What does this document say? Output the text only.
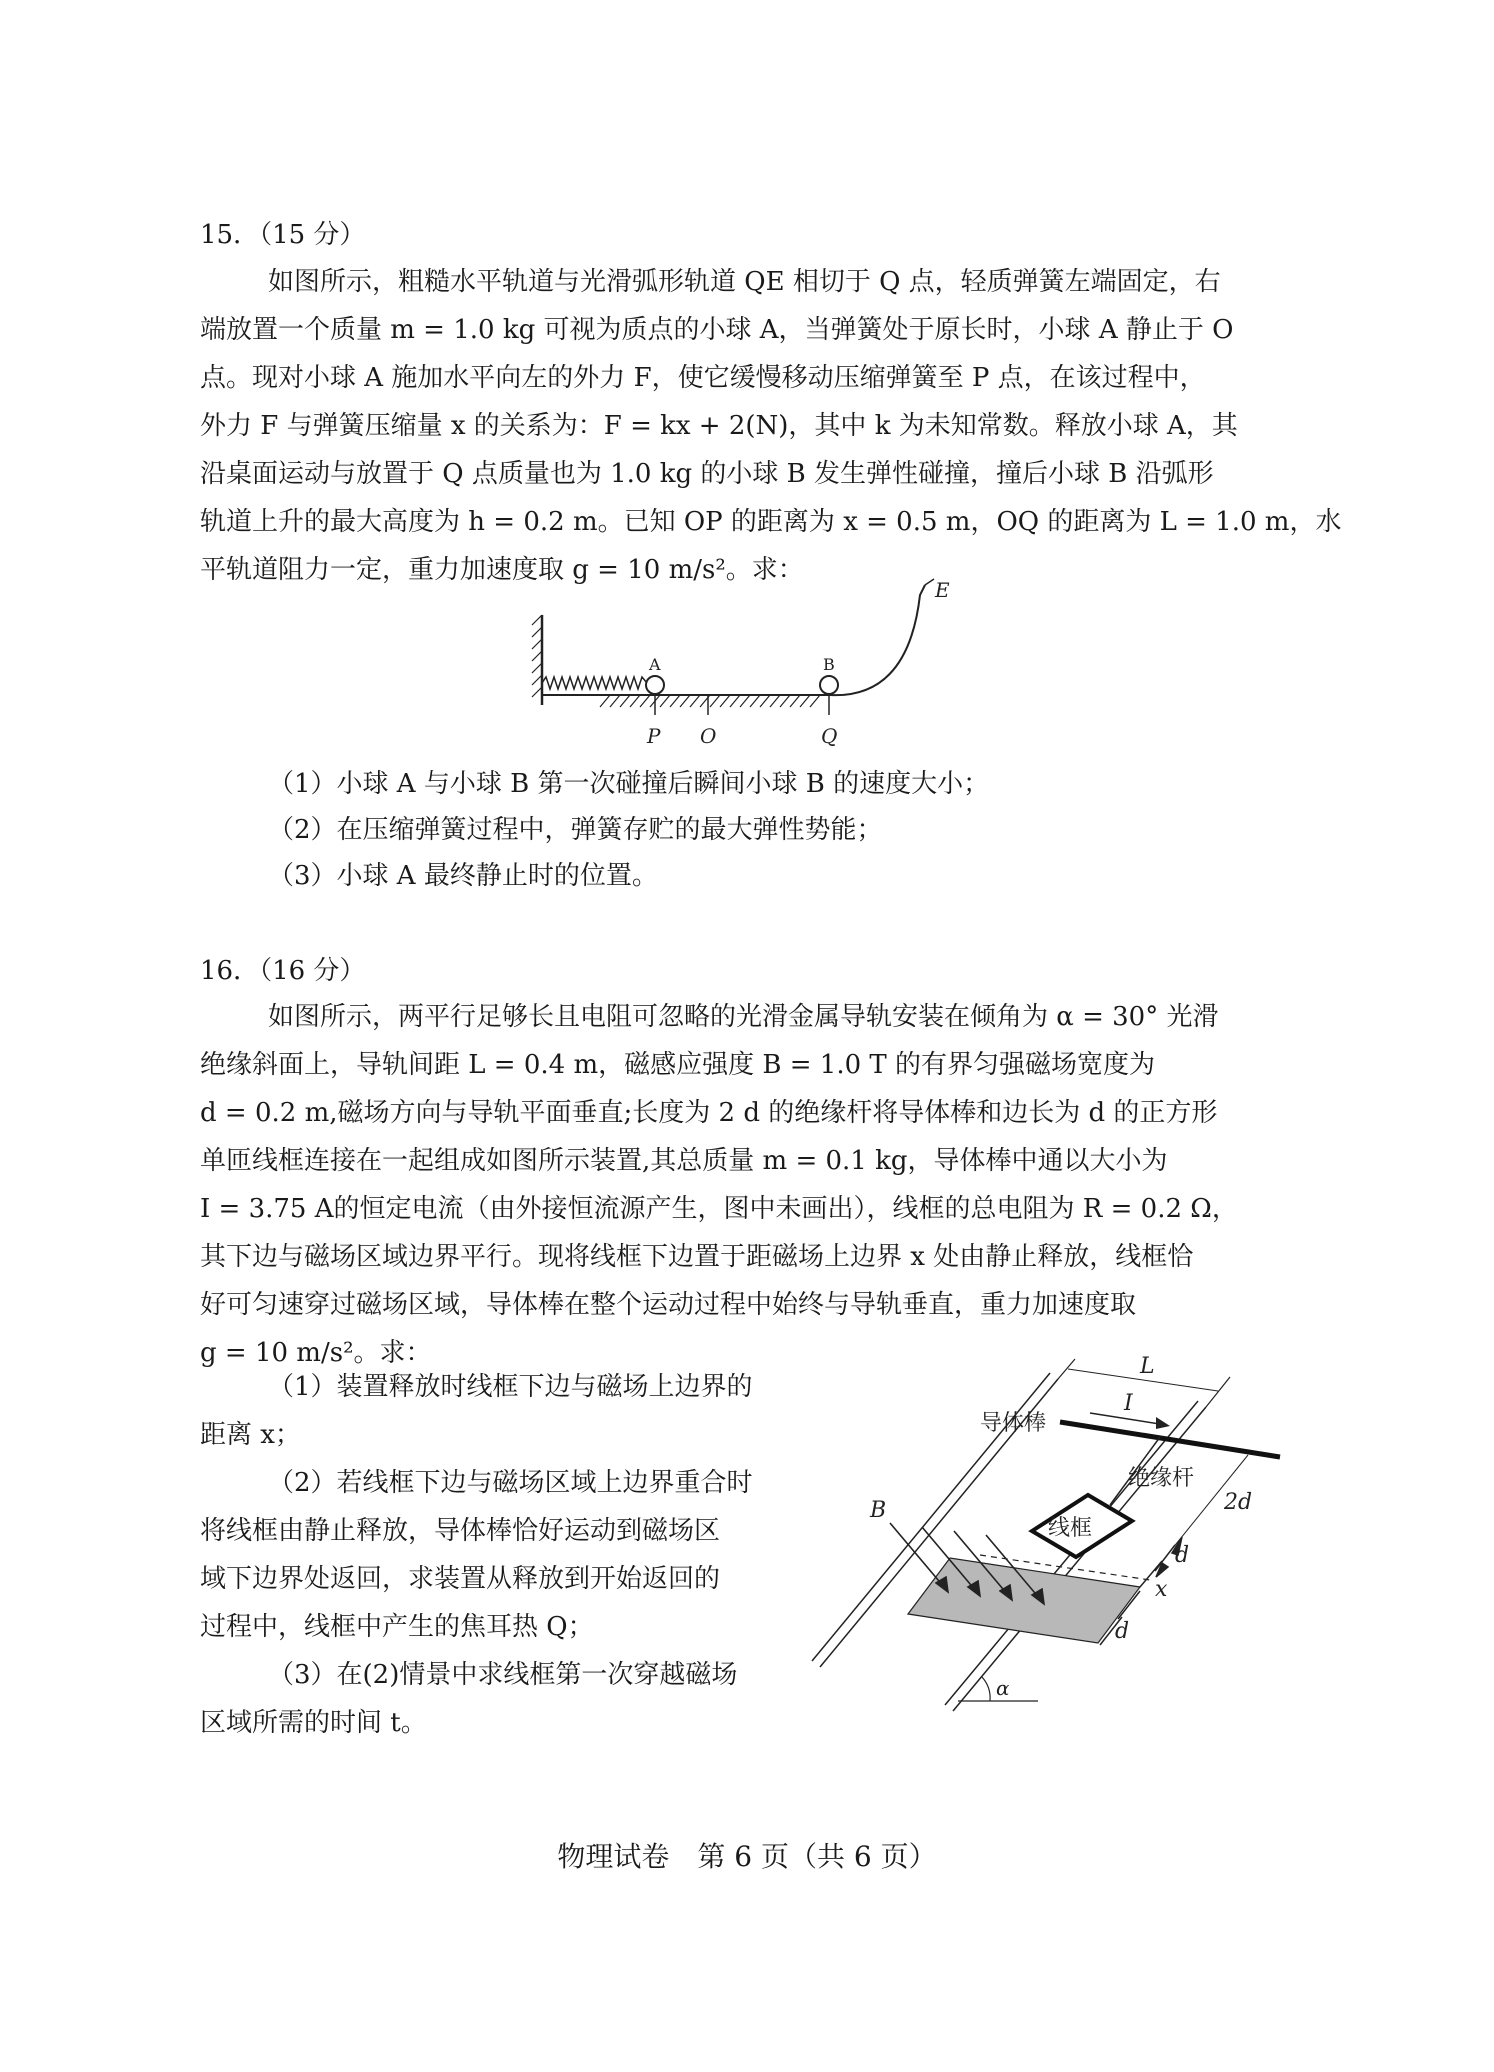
15．（15 分）
如图所示，粗糙水平轨道与光滑弧形轨道 QE 相切于 Q 点，轻质弹簧左端固定，右
端放置一个质量 m = 1.0 kg 可视为质点的小球 A，当弹簧处于原长时，小球 A 静止于 O
点。现对小球 A 施加水平向左的外力 F，使它缓慢移动压缩弹簧至 P 点，在该过程中，
外力 F 与弹簧压缩量 x 的关系为：F = kx + 2(N)，其中 k 为未知常数。释放小球 A，其
沿桌面运动与放置于 Q 点质量也为 1.0 kg 的小球 B 发生弹性碰撞，撞后小球 B 沿弧形
轨道上升的最大高度为 h = 0.2 m。已知 OP 的距离为 x = 0.5 m，OQ 的距离为 L = 1.0 m，水
平轨道阻力一定，重力加速度取 g = 10 m/s²。求：
A	B
P O	Q
E
（1）小球 A 与小球 B 第一次碰撞后瞬间小球 B 的速度大小；
（2）在压缩弹簧过程中，弹簧存贮的最大弹性势能；
（3）小球 A 最终静止时的位置。
16．（16 分）
如图所示，两平行足够长且电阻可忽略的光滑金属导轨安装在倾角为 α = 30° 光滑
绝缘斜面上，导轨间距 L = 0.4 m，磁感应强度 B = 1.0 T 的有界匀强磁场宽度为
d = 0.2 m,磁场方向与导轨平面垂直;长度为 2 d 的绝缘杆将导体棒和边长为 d 的正方形
单匝线框连接在一起组成如图所示装置,其总质量 m = 0.1 kg，导体棒中通以大小为
I = 3.75 A的恒定电流（由外接恒流源产生，图中未画出），线框的总电阻为 R = 0.2 Ω，
其下边与磁场区域边界平行。现将线框下边置于距磁场上边界 x 处由静止释放，线框恰
好可匀速穿过磁场区域，导体棒在整个运动过程中始终与导轨垂直，重力加速度取
g = 10 m/s²。求：
（1）装置释放时线框下边与磁场上边界的
距离 x；
（2）若线框下边与磁场区域上边界重合时
将线框由静止释放，导体棒恰好运动到磁场区
域下边界处返回，求装置从释放到开始返回的
过程中，线框中产生的焦耳热 Q；
（3）在(2)情景中求线框第一次穿越磁场
区域所需的时间 t。
L
导体棒
I
绝缘杆
线框
B	2d
d
x
d
α
物理试卷　第 6 页（共 6 页）
